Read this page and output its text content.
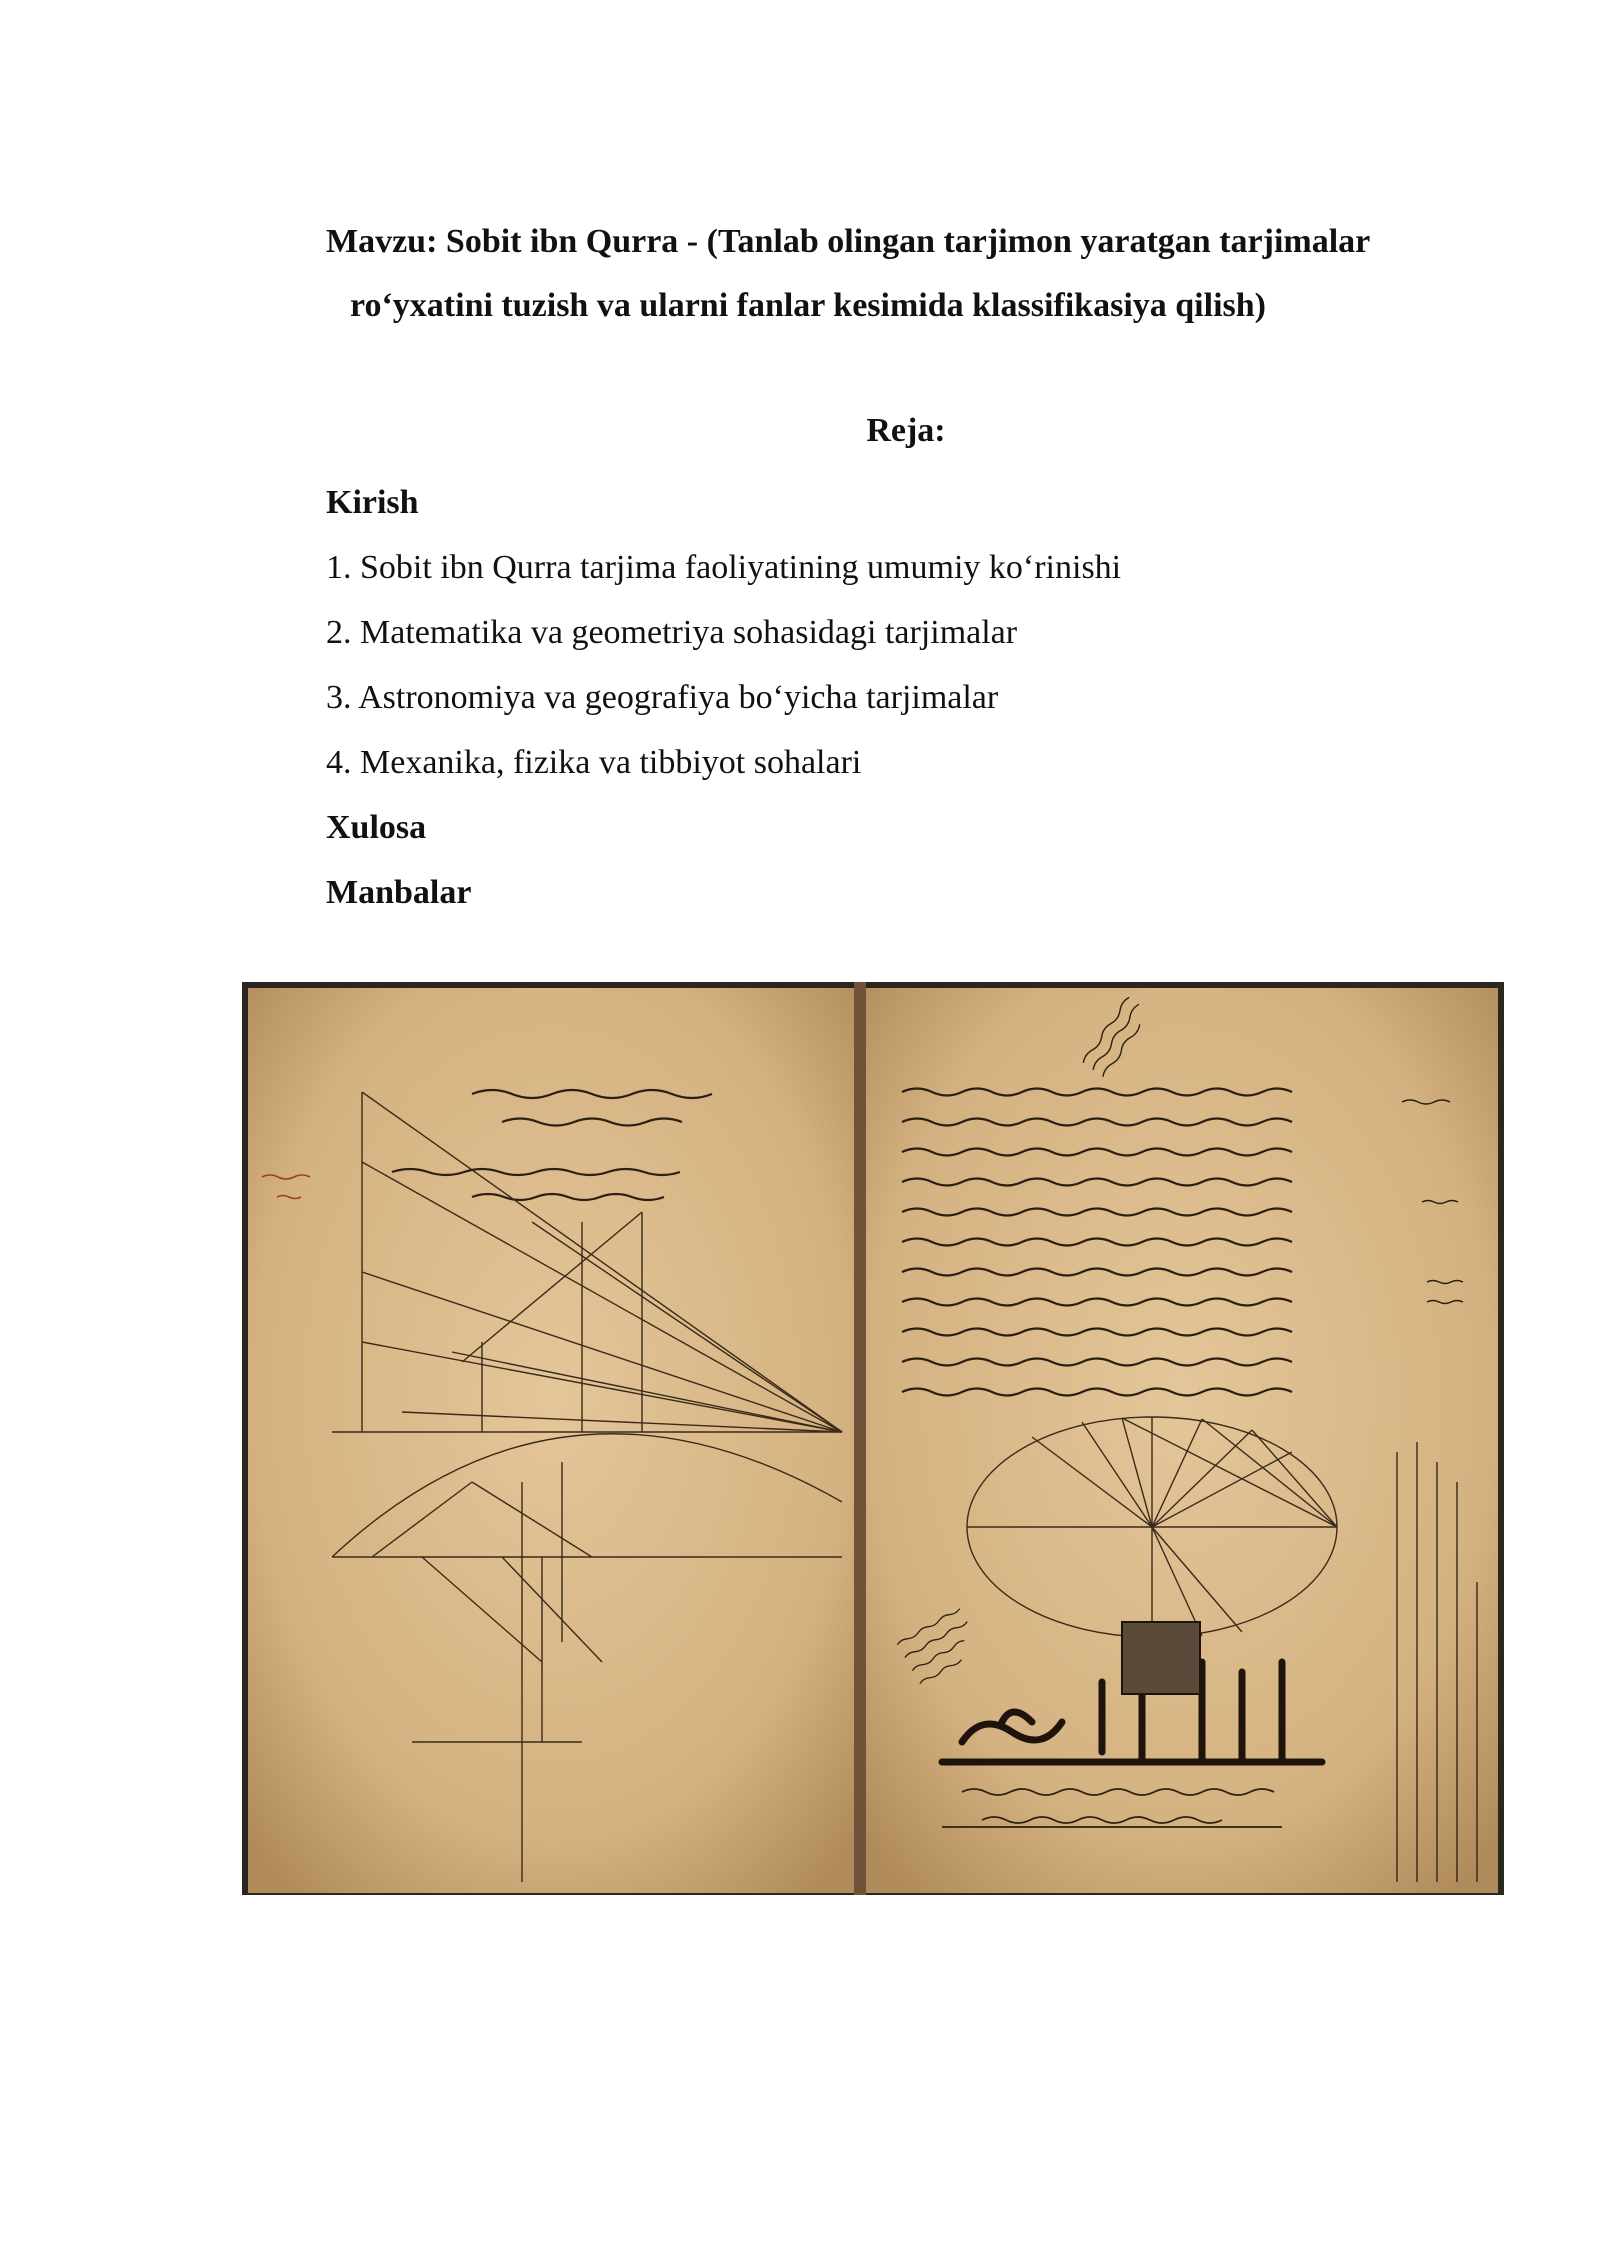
Mavzu: Sobit ibn Qurra - (Tanlab olingan tarjimon yaratgan tarjimalar
ro‘yxatini tuzish va ularni fanlar kesimida klassifikasiya qilish)
Reja:
Kirish
1. Sobit ibn Qurra tarjima faoliyatining umumiy ko‘rinishi
2. Matematika va geometriya sohasidagi tarjimalar
3. Astronomiya va geografiya bo‘yicha tarjimalar
4. Mexanika, fizika va tibbiyot sohalari
Xulosa
Manbalar
